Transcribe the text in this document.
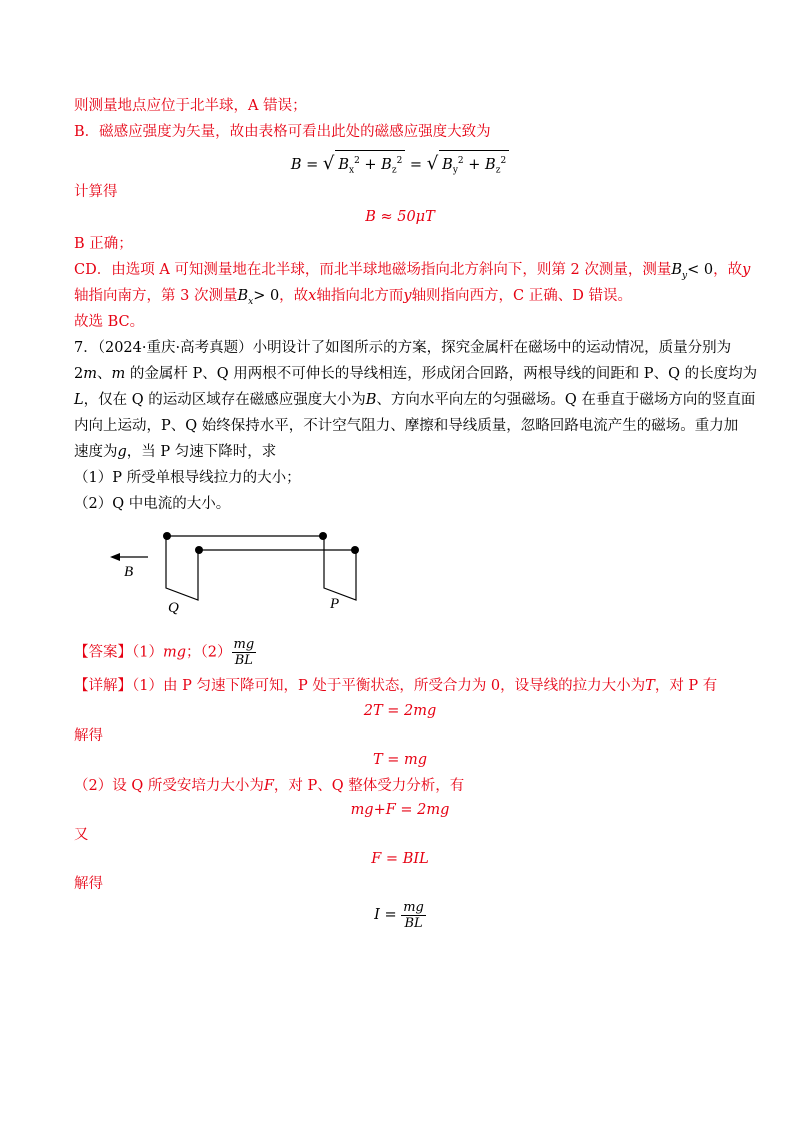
则测量地点应位于北半球，A 错误；
B．磁感应强度为矢量，故由表格可看出此处的磁感应强度大致为
B = √ $B_x^2 + B_z^2$ = √ $B_y^2 + B_z^2$
计算得
B ≈ 50μT
B 正确；
CD．由选项 A 可知测量地在北半球，而北半球地磁场指向北方斜向下，则第 2 次测量，测量$B_y< 0$，故y
轴指向南方，第 3 次测量$B_x> 0$，故x轴指向北方而y轴则指向西方，C 正确、D 错误。
故选 BC。
7．（2024·重庆·高考真题）小明设计了如图所示的方案，探究金属杆在磁场中的运动情况，质量分别为
2m、m 的金属杆 P、Q 用两根不可伸长的导线相连，形成闭合回路，两根导线的间距和 P、Q 的长度均为
L，仅在 Q 的运动区域存在磁感应强度大小为B、方向水平向左的匀强磁场。Q 在垂直于磁场方向的竖直面
内向上运动，P、Q 始终保持水平，不计空气阻力、摩擦和导线质量，忽略回路电流产生的磁场。重力加
速度为g，当 P 匀速下降时，求
（1）P 所受单根导线拉力的大小；
（2）Q 中电流的大小。
B
Q	P
【答案】（1）mg；$(2) \frac{mg}{BL}$
【详解】（1）由 P 匀速下降可知，P 处于平衡状态，所受合力为 0，设导线的拉力大小为T，对 P 有
2T = 2mg
解得
T = mg
（2）设 Q 所受安培力大小为F，对 P、Q 整体受力分析，有
mg+F = 2mg
又
F = BIL
解得
$I = \frac{mg}{BL}$
